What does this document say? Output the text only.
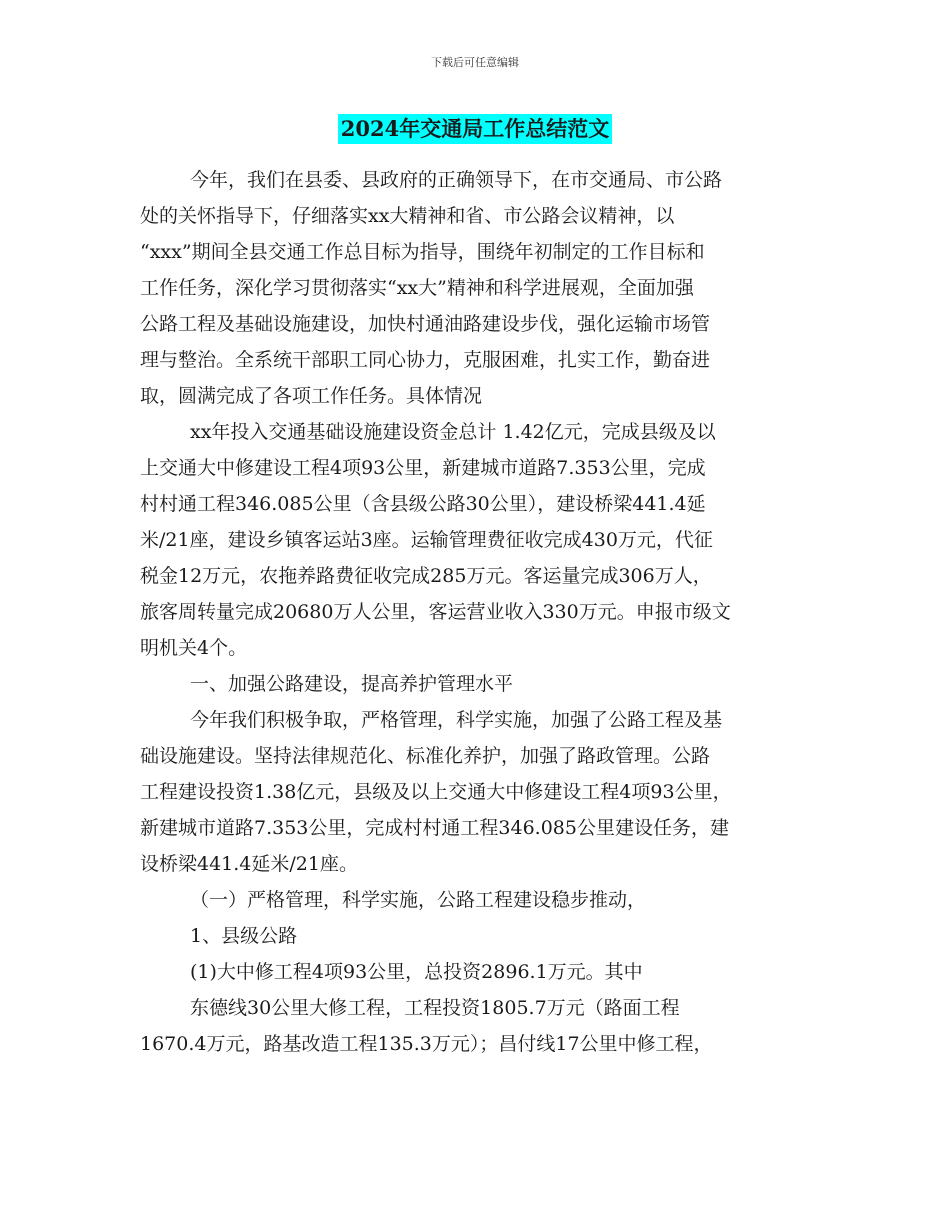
下载后可任意编辑
2024年交通局工作总结范文

今年，我们在县委、县政府的正确领导下，在市交通局、市公路
处的关怀指导下，仔细落实xx大精神和省、市公路会议精神，以
“xxx”期间全县交通工作总目标为指导，围绕年初制定的工作目标和
工作任务，深化学习贯彻落实“xx大”精神和科学进展观，全面加强
公路工程及基础设施建设，加快村通油路建设步伐，强化运输市场管
理与整治。全系统干部职工同心协力，克服困难，扎实工作，勤奋进
取，圆满完成了各项工作任务。具体情况

xx年投入交通基础设施建设资金总计 1.42亿元，完成县级及以
上交通大中修建设工程4项93公里，新建城市道路7.353公里，完成
村村通工程346.085公里（含县级公路30公里），建设桥梁441.4延
米/21座，建设乡镇客运站3座。运输管理费征收完成430万元，代征
税金12万元，农拖养路费征收完成285万元。客运量完成306万人，
旅客周转量完成20680万人公里，客运营业收入330万元。申报市级文
明机关4个。

一、加强公路建设，提高养护管理水平

今年我们积极争取，严格管理，科学实施，加强了公路工程及基
础设施建设。坚持法律规范化、标准化养护，加强了路政管理。公路
工程建设投资1.38亿元，县级及以上交通大中修建设工程4项93公里，
新建城市道路7.353公里，完成村村通工程346.085公里建设任务，建
设桥梁441.4延米/21座。

（一）严格管理，科学实施，公路工程建设稳步推动，

1、县级公路

(1)大中修工程4项93公里，总投资2896.1万元。其中

东德线30公里大修工程，工程投资1805.7万元（路面工程
1670.4万元，路基改造工程135.3万元）；昌付线17公里中修工程，
